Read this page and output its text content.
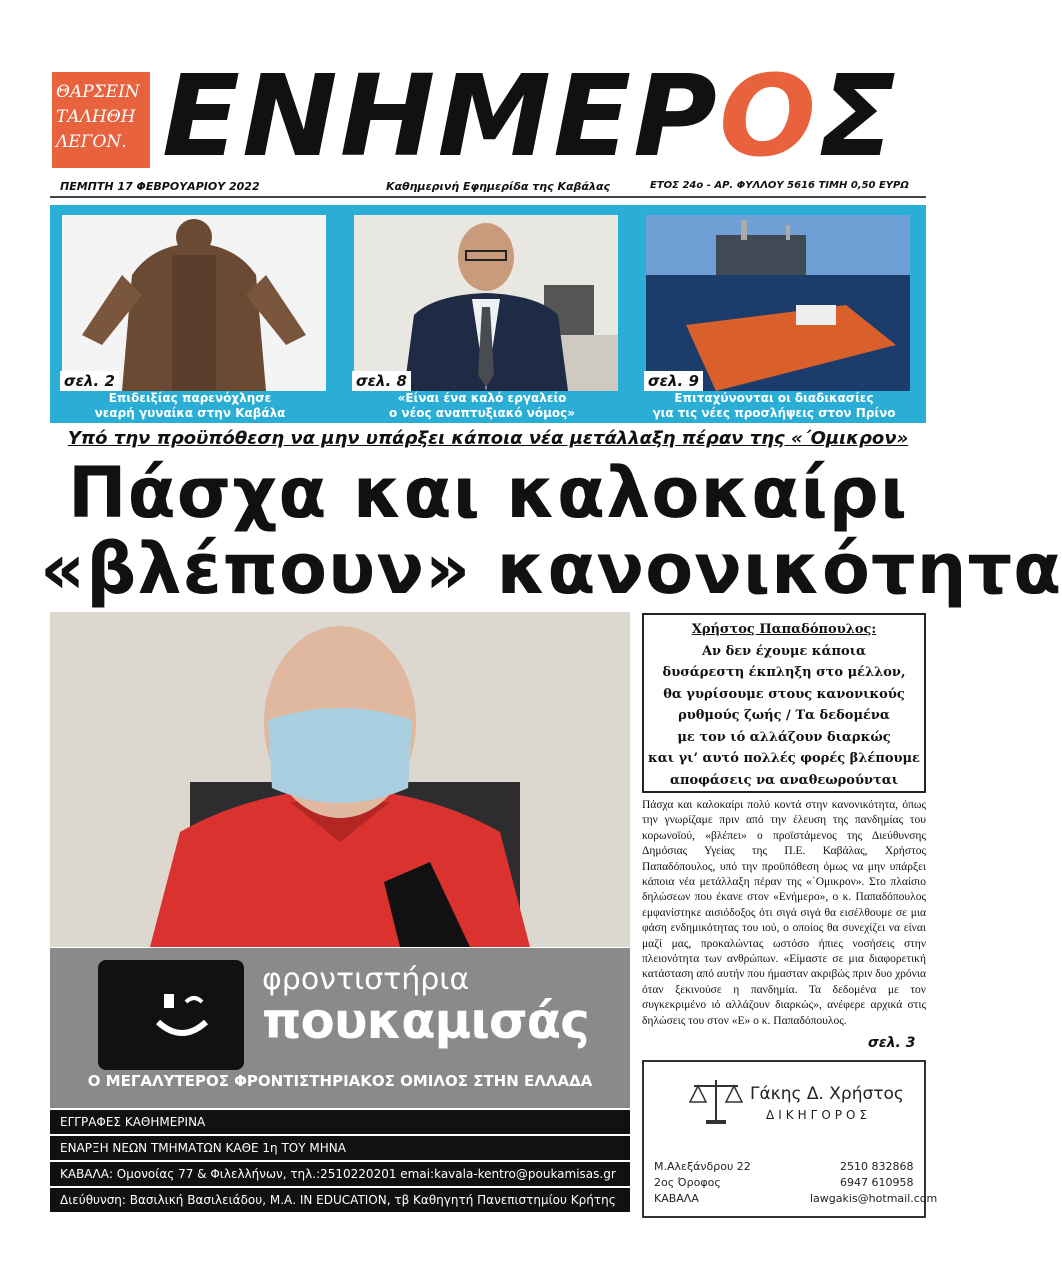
ΘΑΡΣΕΙΝ
ΤΑΛΗΘΗ
ΛΕΓΟΝ. ΕΝΗΜΕΡΟΣ
ΠΕΜΠΤΗ 17 ΦΕΒΡΟΥΑΡΙΟΥ 2022	Καθημερινή Εφημερίδα της Καβάλας	ΕΤΟΣ 24ο - ΑΡ. ΦΥΛΛΟΥ 5616 ΤΙΜΗ 0,50 ΕΥΡΩ
σελ. 2
Επιδειξίας παρενόχλησε
νεαρή γυναίκα στην Καβάλα
σελ. 8
«Είναι ένα καλό εργαλείο
ο νέος αναπτυξιακό νόμος»
σελ. 9
Επιταχύνονται οι διαδικασίες
για τις νέες προσλήψεις στον Πρίνο
Υπό την προϋπόθεση να μην υπάρξει κάποια νέα μετάλλαξη πέραν της «΄Ομικρον»
Πάσχα και καλοκαίρι
«βλέπουν» κανονικότητα
φροντιστήρια
πουκαμισάς
Ο ΜΕΓΑΛΥΤΕΡΟΣ ΦΡΟΝΤΙΣΤΗΡΙΑΚΟΣ ΟΜΙΛΟΣ ΣΤΗΝ ΕΛΛΑΔΑ
ΕΓΓΡΑΦΕΣ ΚΑΘΗΜΕΡΙΝΑ
ΕΝΑΡΞΗ ΝΕΩΝ ΤΜΗΜΑΤΩΝ ΚΑΘΕ 1η ΤΟΥ ΜΗΝΑ
ΚΑΒΑΛΑ: Ομονοίας 77 & Φιλελλήνων, τηλ.:2510220201 emai:kavala-kentro@poukamisas.gr
Διεύθυνση: Βασιλική Βασιλειάδου, Μ.Α. IN EDUCATION, τβ Καθηγητή Πανεπιστημίου Κρήτης
Χρήστος Παπαδόπουλος:
Αν δεν έχουμε κάποια
δυσάρεστη έκπληξη στο μέλλον,
θα γυρίσουμε στους κανονικούς
ρυθμούς ζωής / Τα δεδομένα
με τον ιό αλλάζουν διαρκώς
και γι’ αυτό πολλές φορές βλέπουμε
αποφάσεις να αναθεωρούνται
Πάσχα και καλοκαίρι πολύ κοντά στην κανονικότητα, όπως την γνωρίζαμε πριν από την έλευση της πανδημίας του κορωνοϊού, «βλέπει» ο προϊστάμενος της Διεύθυνσης Δημόσιας Υγείας της Π.Ε. Καβάλας, Χρήστος Παπαδόπουλος, υπό την προϋπόθεση όμως να μην υπάρξει κάποια νέα μετάλλαξη πέραν της «΄Ομικρον». Στο πλαίσιο δηλώσεων που έκανε στον «Ενήμερο», ο κ. Παπαδόπουλος εμφανίστηκε αισιόδοξος ότι σιγά σιγά θα εισέλθουμε σε μια φάση ενδημικότητας του ιού, ο οποίος θα συνεχίζει να είναι μαζί μας, προκαλώντας ωστόσο ήπιες νοσήσεις στην πλειονότητα των ανθρώπων. «Είμαστε σε μια διαφορετική κατάσταση από αυτήν που ήμασταν ακριβώς πριν δυο χρόνια όταν ξεκινούσε η πανδημία. Τα δεδομένα με τον συγκεκριμένο ιό αλλάζουν διαρκώς», ανέφερε αρχικά στις δηλώσεις του στον «Ε» ο κ. Παπαδόπουλος.
σελ. 3
Γάκης Δ. Χρήστος
ΔΙΚΗΓΟΡΟΣ
Μ.Αλεξάνδρου 22
2ος Όροφος
ΚΑΒΑΛΑ
2510 832868
6947 610958
lawgakis@hotmail.com
